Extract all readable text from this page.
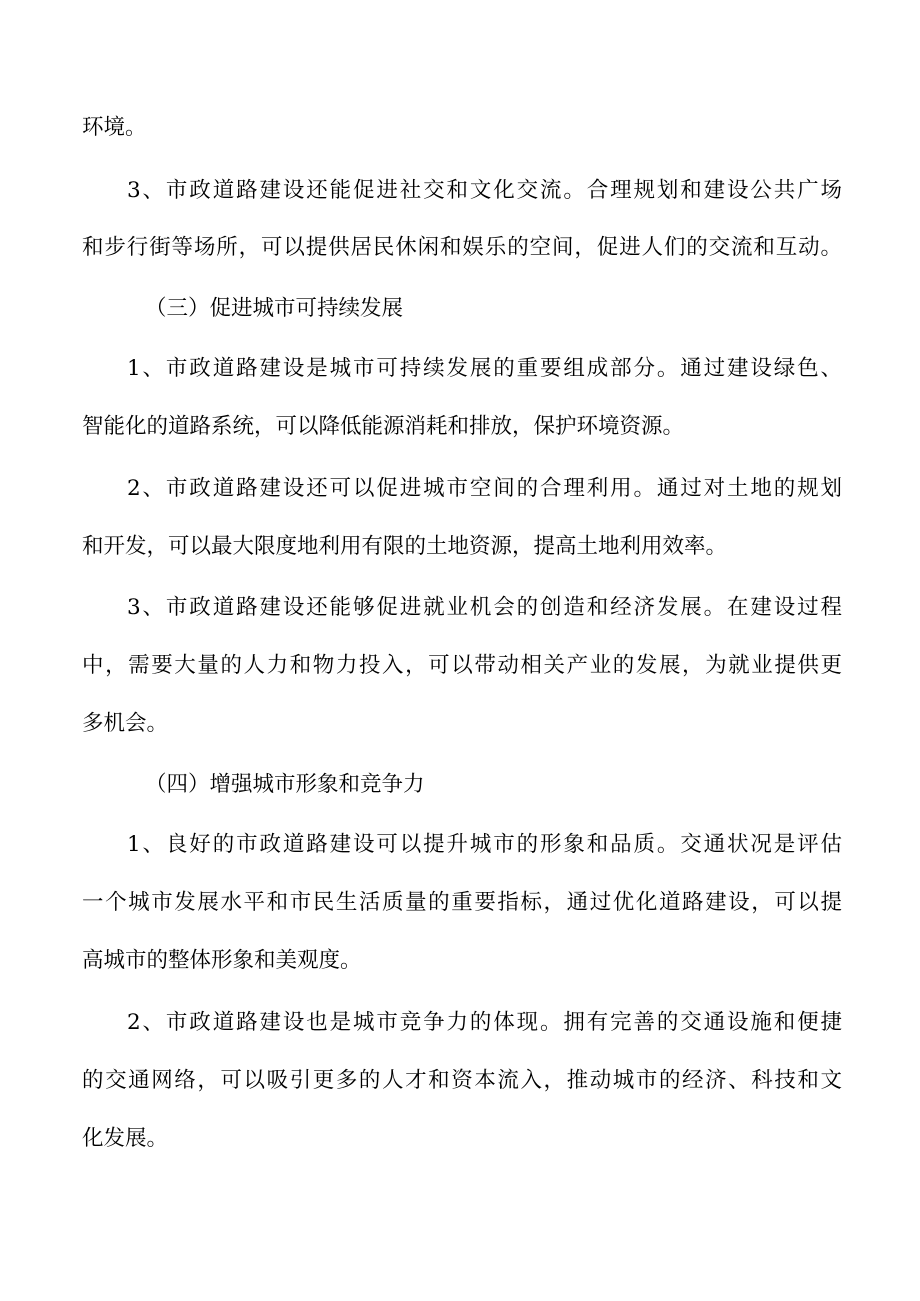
环境。
3、市政道路建设还能促进社交和文化交流。合理规划和建设公共广场
和步行街等场所，可以提供居民休闲和娱乐的空间，促进人们的交流和互动。
（三）促进城市可持续发展
1、市政道路建设是城市可持续发展的重要组成部分。通过建设绿色、
智能化的道路系统，可以降低能源消耗和排放，保护环境资源。
2、市政道路建设还可以促进城市空间的合理利用。通过对土地的规划
和开发，可以最大限度地利用有限的土地资源，提高土地利用效率。
3、市政道路建设还能够促进就业机会的创造和经济发展。在建设过程
中，需要大量的人力和物力投入，可以带动相关产业的发展，为就业提供更
多机会。
（四）增强城市形象和竞争力
1、良好的市政道路建设可以提升城市的形象和品质。交通状况是评估
一个城市发展水平和市民生活质量的重要指标，通过优化道路建设，可以提
高城市的整体形象和美观度。
2、市政道路建设也是城市竞争力的体现。拥有完善的交通设施和便捷
的交通网络，可以吸引更多的人才和资本流入，推动城市的经济、科技和文
化发展。
